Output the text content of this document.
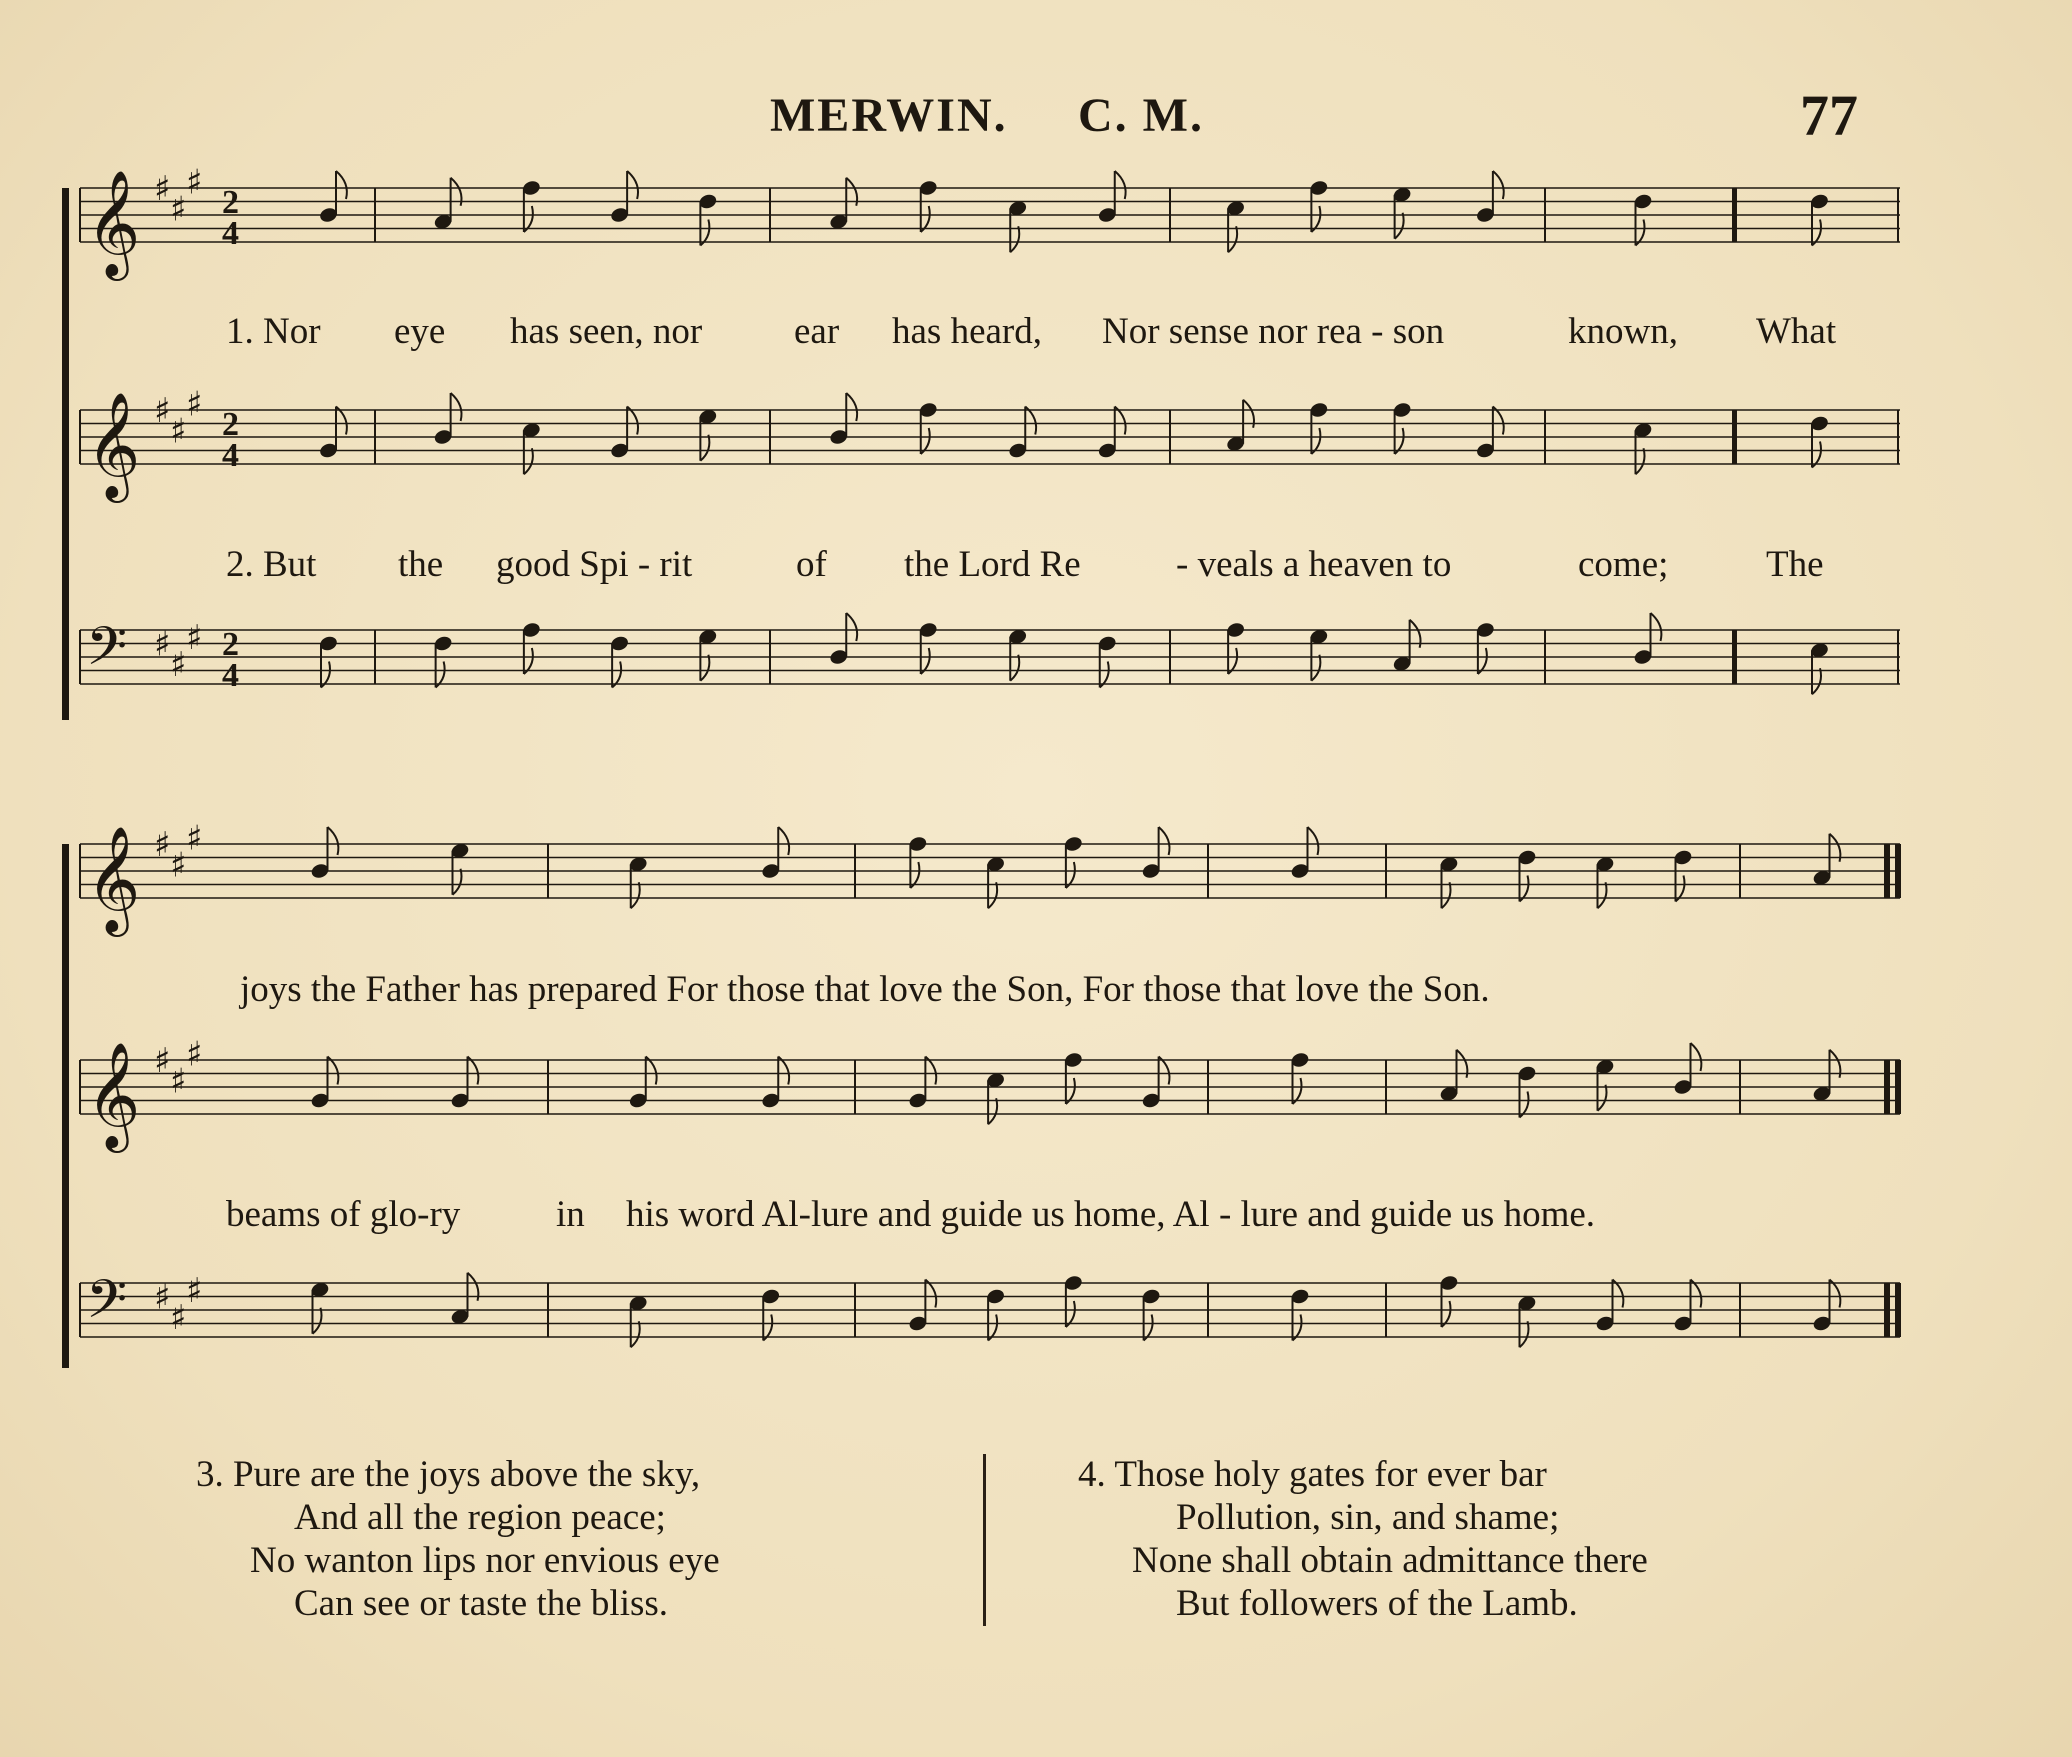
MERWIN. C. M.	77
𝄞 ♯
♯
♯
2
4
𝄞 ♯
♯
♯
2
4
𝄢 ♯
♯
♯ 2
4
𝄞 ♯
♯
♯
𝄞 ♯
♯
♯
𝄢 ♯
♯
♯
1. Nor eye has seen, nor ear has heard, Nor sense nor rea - son	known, What
2. But the good Spi - rit	of the Lord Re	- veals a heaven to	come;	The
joys the Father has prepared For those that love the Son, For those that love the Son.
beams of glo-ry	in his word Al-lure and guide us home, Al - lure and guide us home.
3. Pure are the joys above the sky,
And all the region peace;
No wanton lips nor envious eye
Can see or taste the bliss.
4. Those holy gates for ever bar
Pollution, sin, and shame;
None shall obtain admittance there
But followers of the Lamb.
